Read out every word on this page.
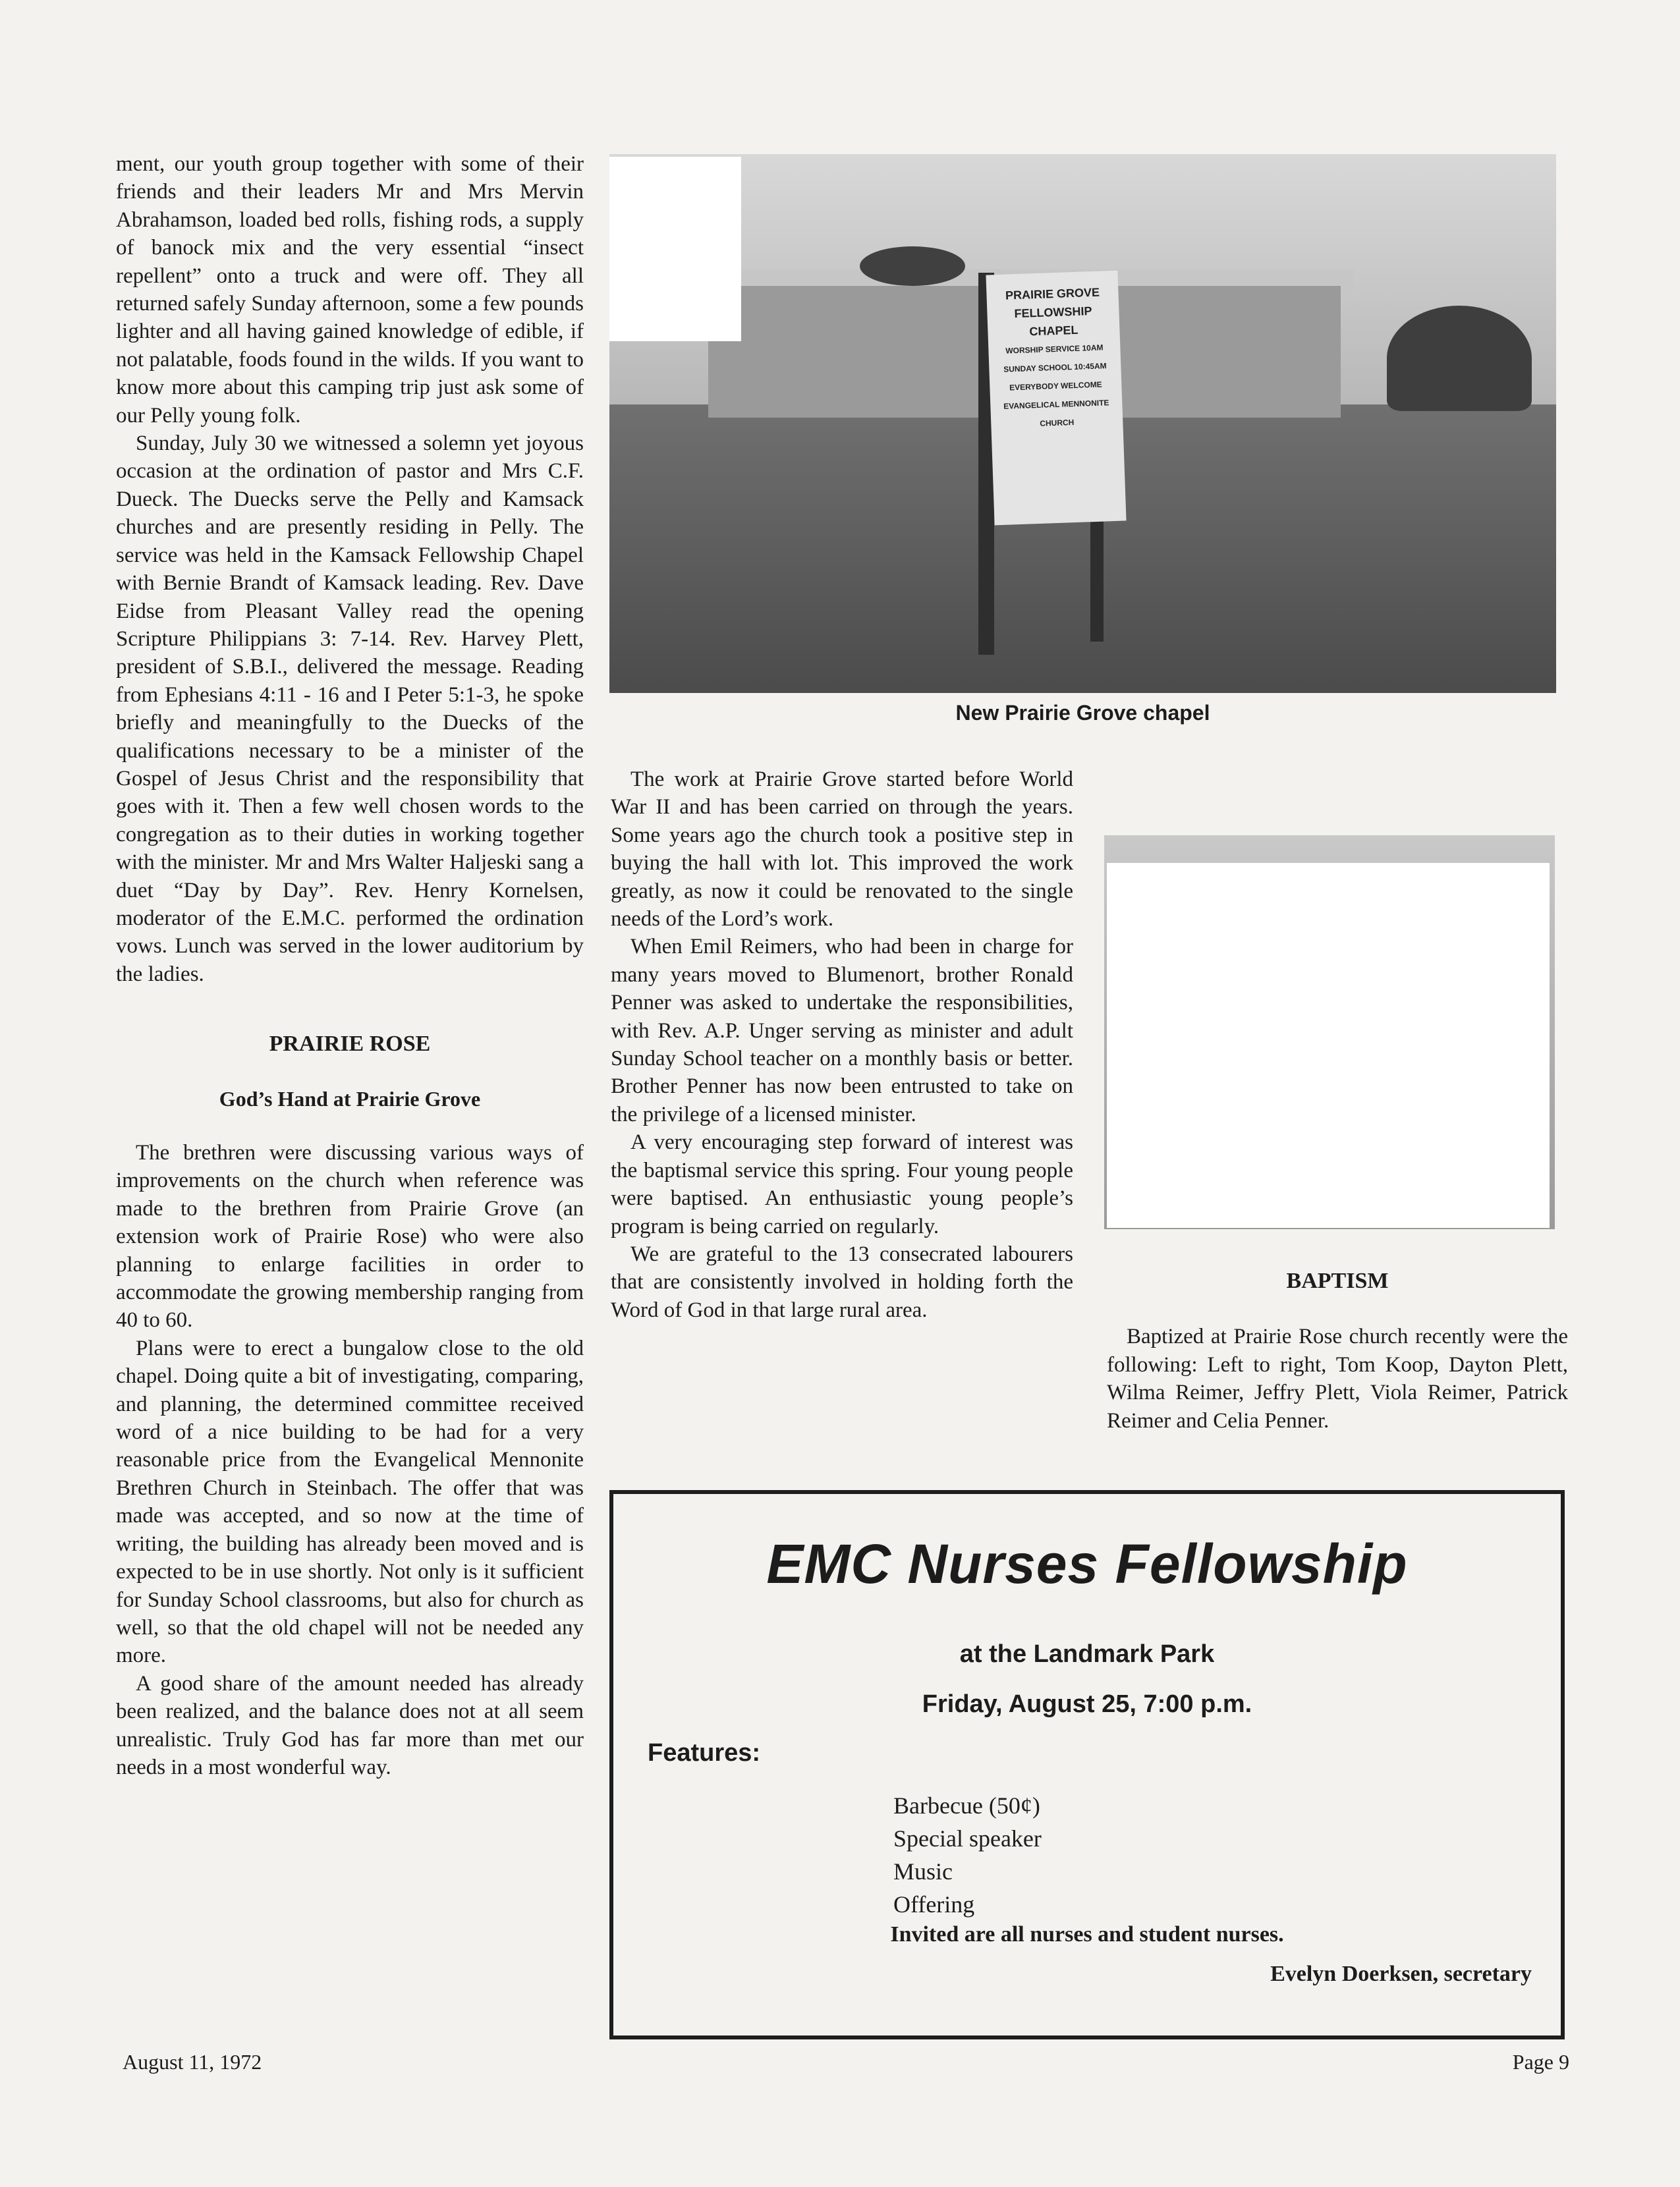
ment, our youth group together with some of their friends and their leaders Mr and Mrs Mervin Abrahamson, loaded bed rolls, fishing rods, a supply of banock mix and the very essential “insect repellent” onto a truck and were off. They all returned safely Sunday afternoon, some a few pounds lighter and all having gained knowledge of edible, if not palatable, foods found in the wilds. If you want to know more about this camping trip just ask some of our Pelly young folk.

Sunday, July 30 we witnessed a solemn yet joyous occasion at the ordination of pastor and Mrs C.F. Dueck. The Duecks serve the Pelly and Kamsack churches and are presently residing in Pelly. The service was held in the Kamsack Fellowship Chapel with Bernie Brandt of Kamsack leading. Rev. Dave Eidse from Pleasant Valley read the opening Scripture Philippians 3: 7-14. Rev. Harvey Plett, president of S.B.I., delivered the message. Reading from Ephesians 4:11 - 16 and I Peter 5:1-3, he spoke briefly and meaningfully to the Duecks of the qualifications necessary to be a minister of the Gospel of Jesus Christ and the responsibility that goes with it. Then a few well chosen words to the congregation as to their duties in working together with the minister. Mr and Mrs Walter Haljeski sang a duet “Day by Day”. Rev. Henry Kornelsen, moderator of the E.M.C. performed the ordination vows. Lunch was served in the lower auditorium by the ladies.

PRAIRIE ROSE

God’s Hand at Prairie Grove

The brethren were discussing various ways of improvements on the church when reference was made to the brethren from Prairie Grove (an extension work of Prairie Rose) who were also planning to enlarge facilities in order to accommodate the growing membership ranging from 40 to 60.

Plans were to erect a bungalow close to the old chapel. Doing quite a bit of investigating, comparing, and planning, the determined committee received word of a nice building to be had for a very reasonable price from the Evangelical Mennonite Brethren Church in Steinbach. The offer that was made was accepted, and so now at the time of writing, the building has already been moved and is expected to be in use shortly. Not only is it sufficient for Sunday School classrooms, but also for church as well, so that the old chapel will not be needed any more.

A good share of the amount needed has already been realized, and the balance does not at all seem unrealistic. Truly God has far more than met our needs in a most wonderful way.

PRAIRIE GROVE
FELLOWSHIP
CHAPEL
WORSHIP SERVICE 10AM
SUNDAY SCHOOL 10:45AM
EVERYBODY WELCOME
EVANGELICAL MENNONITE CHURCH
New Prairie Grove chapel

The work at Prairie Grove started before World War II and has been carried on through the years. Some years ago the church took a positive step in buying the hall with lot. This improved the work greatly, as now it could be renovated to the single needs of the Lord’s work.

When Emil Reimers, who had been in charge for many years moved to Blumenort, brother Ronald Penner was asked to undertake the responsibilities, with Rev. A.P. Unger serving as minister and adult Sunday School teacher on a monthly basis or better. Brother Penner has now been entrusted to take on the privilege of a licensed minister.

A very encouraging step forward of interest was the baptismal service this spring. Four young people were baptised. An enthusiastic young people’s program is being carried on regularly.

We are grateful to the 13 consecrated labourers that are consistently involved in holding forth the Word of God in that large rural area.

BAPTISM

Baptized at Prairie Rose church recently were the following: Left to right, Tom Koop, Dayton Plett, Wilma Reimer, Jeffry Plett, Viola Reimer, Patrick Reimer and Celia Penner.

EMC Nurses Fellowship
at the Landmark Park
Friday, August 25, 7:00 p.m.
Features:
Barbecue (50¢)
Special speaker
Music
Offering
Invited are all nurses and student nurses.
Evelyn Doerksen, secretary
August 11, 1972	Page 9
